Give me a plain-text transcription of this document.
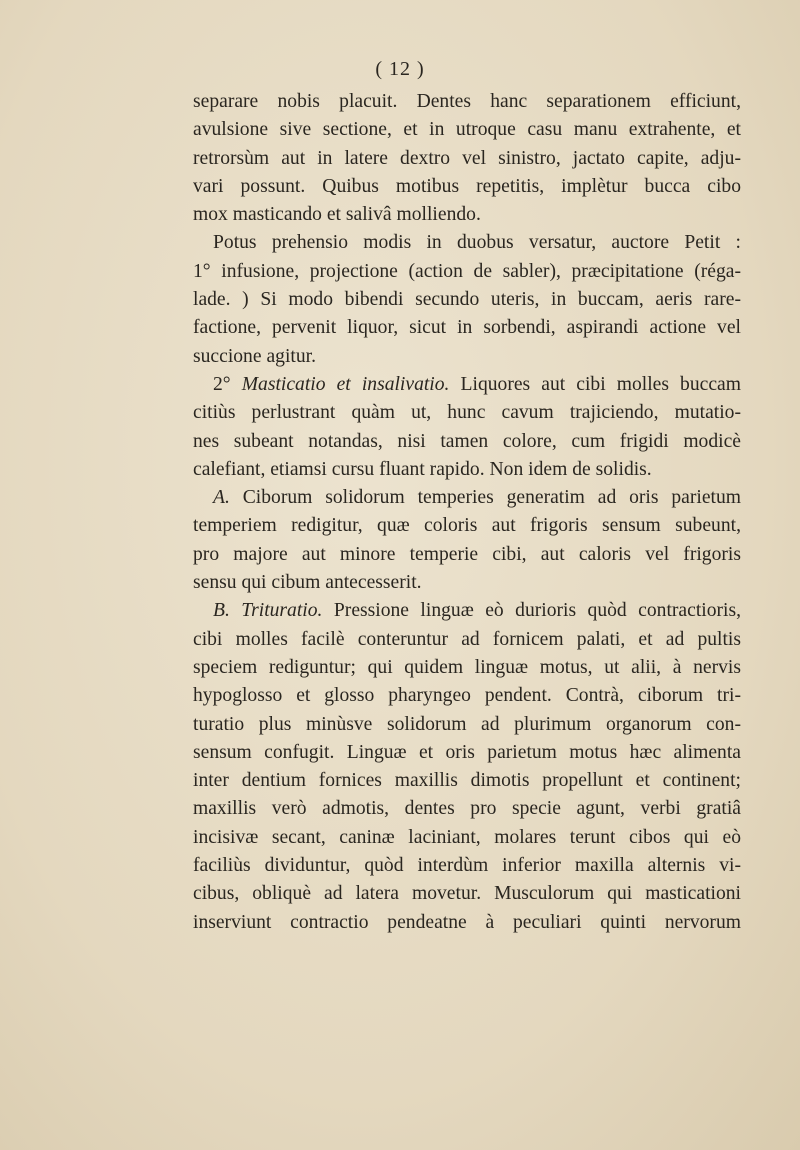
( 12 )
separare nobis placuit. Dentes hanc separationem efficiunt,
avulsione sive sectione, et in utroque casu manu extrahente, et
retrorsùm aut in latere dextro vel sinistro, jactato capite, adju-
vari possunt. Quibus motibus repetitis, implètur bucca cibo
mox masticando et salivâ molliendo.
Potus prehensio modis in duobus versatur, auctore Petit :
1° infusione, projectione (action de sabler), præcipitatione (réga-
lade. ) Si modo bibendi secundo uteris, in buccam, aeris rare-
factione, pervenit liquor, sicut in sorbendi, aspirandi actione vel
succione agitur.
2° Masticatio et insalivatio. Liquores aut cibi molles buccam
citiùs perlustrant quàm ut, hunc cavum trajiciendo, mutatio-
nes subeant notandas, nisi tamen colore, cum frigidi modicè
calefiant, etiamsi cursu fluant rapido. Non idem de solidis.
A. Ciborum solidorum temperies generatim ad oris parietum
temperiem redigitur, quæ coloris aut frigoris sensum subeunt,
pro majore aut minore temperie cibi, aut caloris vel frigoris
sensu qui cibum antecesserit.
B. Trituratio. Pressione linguæ eò durioris quòd contractioris,
cibi molles facilè conteruntur ad fornicem palati, et ad pultis
speciem rediguntur; qui quidem linguæ motus, ut alii, à nervis
hypoglosso et glosso pharyngeo pendent. Contrà, ciborum tri-
turatio plus minùsve solidorum ad plurimum organorum con-
sensum confugit. Linguæ et oris parietum motus hæc alimenta
inter dentium fornices maxillis dimotis propellunt et continent;
maxillis verò admotis, dentes pro specie agunt, verbi gratiâ
incisivæ secant, caninæ laciniant, molares terunt cibos qui eò
faciliùs dividuntur, quòd interdùm inferior maxilla alternis vi-
cibus, obliquè ad latera movetur. Musculorum qui masticationi
inserviunt contractio pendeatne à peculiari quinti nervorum
